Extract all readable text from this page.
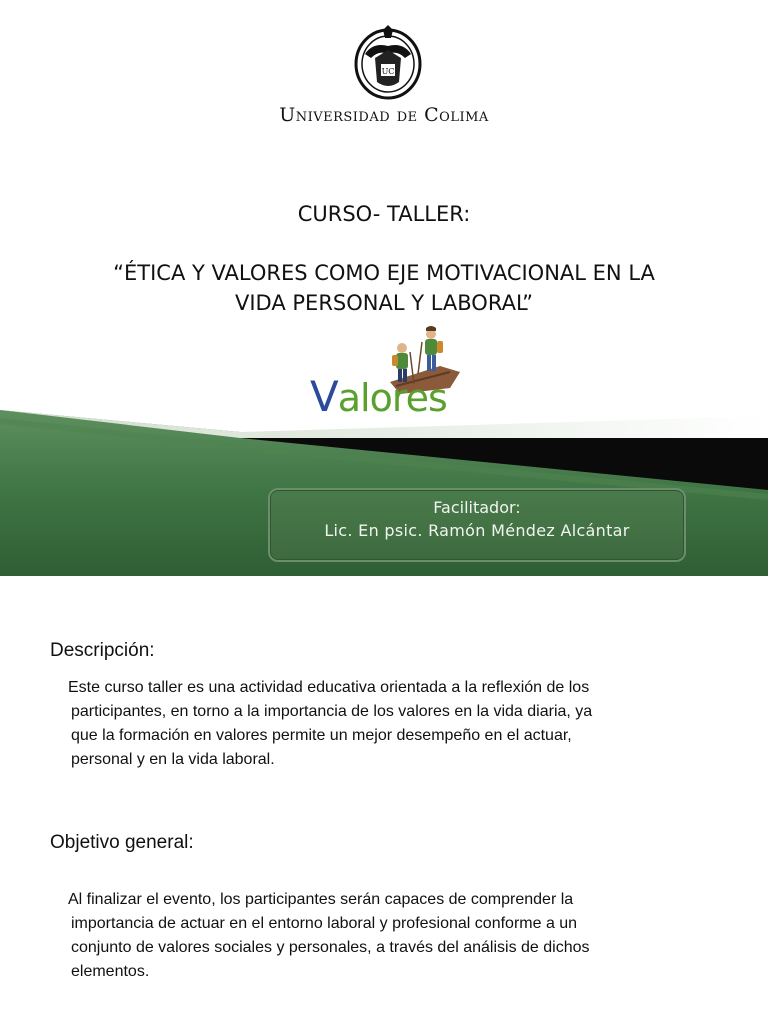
UC
Universidad de Colima
CURSO- TALLER:
“ÉTICA Y VALORES COMO EJE MOTIVACIONAL EN LA
VIDA PERSONAL Y LABORAL”
Valores
Facilitador:
Lic. En psic. Ramón Méndez Alcántar
Descripción:
Este curso taller es una actividad educativa orientada a la reflexión de los
participantes, en torno a la importancia de los valores en la vida diaria, ya
que la formación en valores permite un mejor desempeño en el actuar,
personal y en la vida laboral.
Objetivo general:
Al finalizar el evento, los participantes serán capaces de comprender la
importancia de actuar en el entorno laboral y profesional conforme a un
conjunto de valores sociales y personales, a través del análisis de dichos
elementos.
